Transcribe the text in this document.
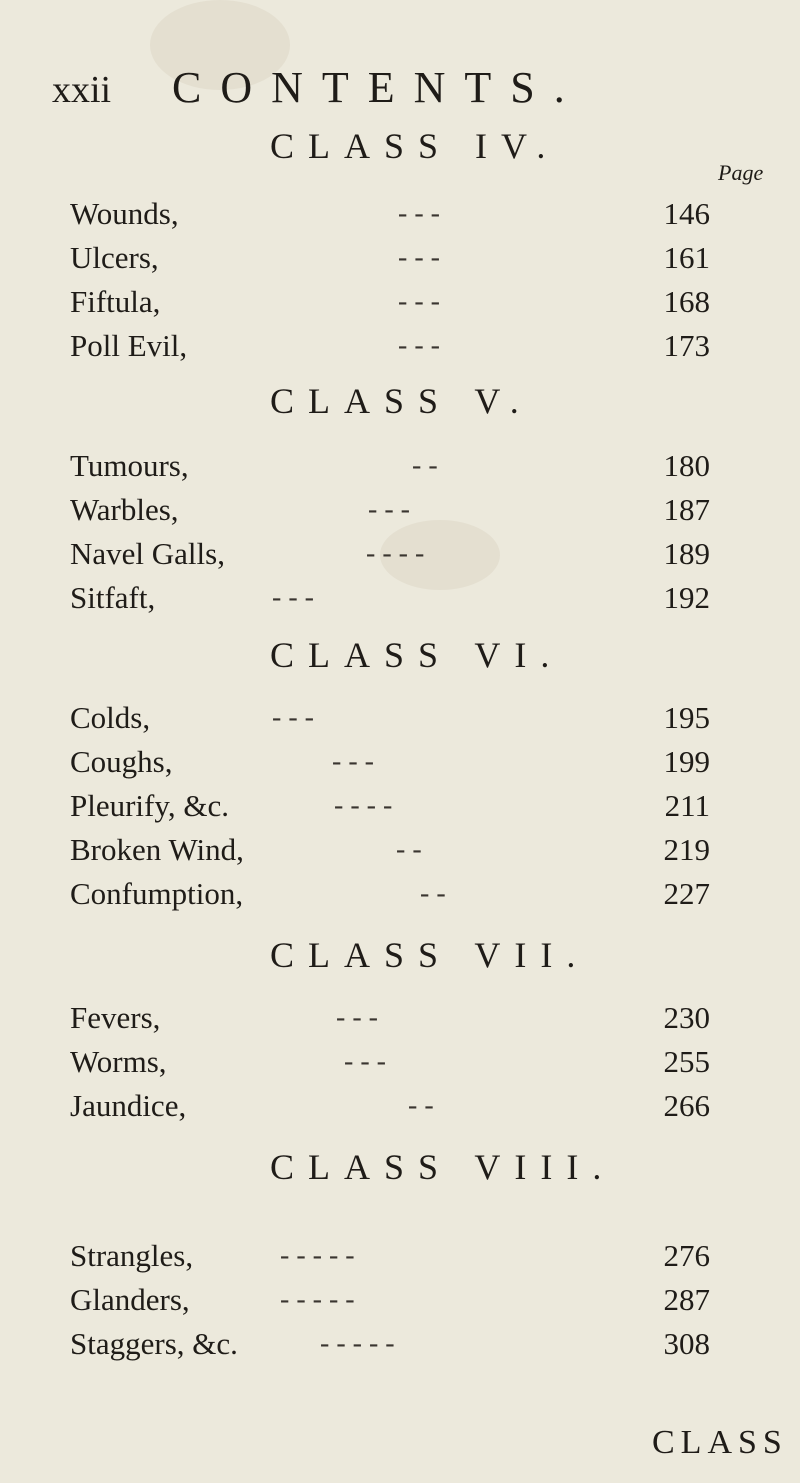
xxii CONTENTS.
CLASS IV.
Page
Wounds,	- - -	146
Ulcers,	- - -	161
Fiftula,	- - -	168
Poll Evil,	- - -	173
CLASS V.
Tumours,	- -	180
Warbles,	- - -	187
Navel Galls,	- - - -	189
Sitfaft,	- - -	192
CLASS VI.
Colds,	- - -	195
Coughs,	- - -	199
Pleurify, &c.	- - - -	211
Broken Wind,	- -	219
Confumption,	- -	227
CLASS VII.
Fevers,	- - -	230
Worms,	- - -	255
Jaundice,	- -	266
CLASS VIII.
Strangles,	- - - - -	276
Glanders,	- - - - -	287
Staggers, &c.	- - - - -	308
CLASS
